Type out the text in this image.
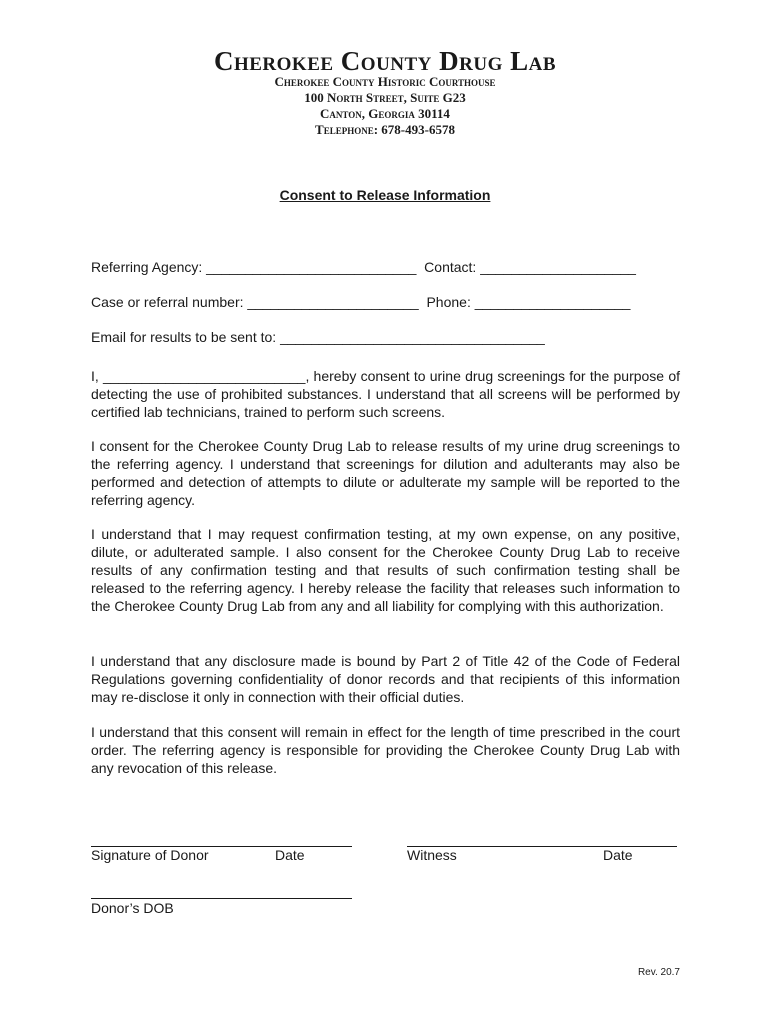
Cherokee County Drug Lab
Cherokee County Historic Courthouse
100 North Street, Suite G23
Canton, Georgia 30114
Telephone: 678-493-6578
Consent to Release Information
Referring Agency: ___________________________  Contact: ____________________
Case or referral number: ______________________  Phone: ____________________
Email for results to be sent to: __________________________________
I, __________________________, hereby consent to urine drug screenings for the purpose of detecting the use of prohibited substances. I understand that all screens will be performed by certified lab technicians, trained to perform such screens.
I consent for the Cherokee County Drug Lab to release results of my urine drug screenings to the referring agency. I understand that screenings for dilution and adulterants may also be performed and detection of attempts to dilute or adulterate my sample will be reported to the referring agency.
I understand that I may request confirmation testing, at my own expense, on any positive, dilute, or adulterated sample. I also consent for the Cherokee County Drug Lab to receive results of any confirmation testing and that results of such confirmation testing shall be released to the referring agency. I hereby release the facility that releases such information to the Cherokee County Drug Lab from any and all liability for complying with this authorization.
I understand that any disclosure made is bound by Part 2 of Title 42 of the Code of Federal Regulations governing confidentiality of donor records and that recipients of this information may re-disclose it only in connection with their official duties.
I understand that this consent will remain in effect for the length of time prescribed in the court order. The referring agency is responsible for providing the Cherokee County Drug Lab with any revocation of this release.
Signature of Donor	Date	Witness	Date
Donor’s DOB
Rev. 20.7
